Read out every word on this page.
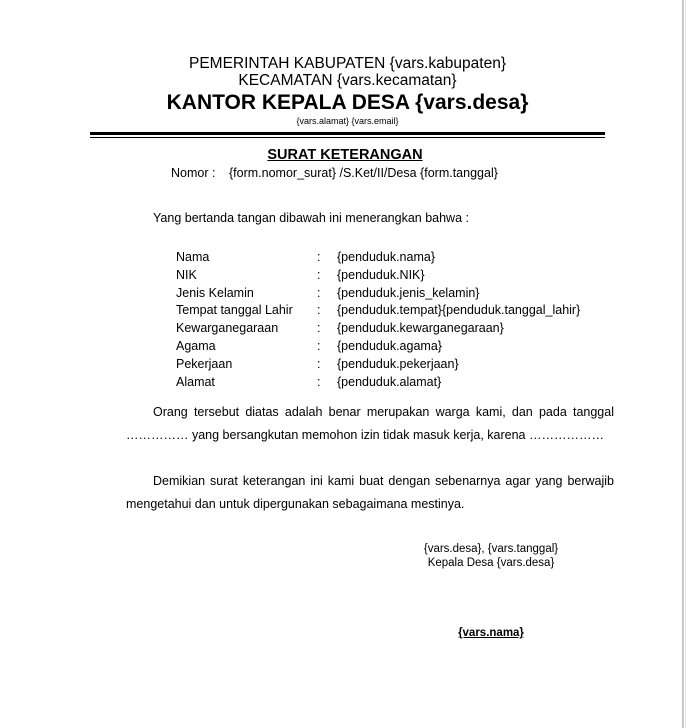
PEMERINTAH KABUPATEN {vars.kabupaten}
KECAMATAN {vars.kecamatan}
KANTOR KEPALA DESA {vars.desa}
{vars.alamat} {vars.email}
SURAT KETERANGAN
Nomor : {form.nomor_surat} /S.Ket/II/Desa {form.tanggal}
Yang bertanda tangan dibawah ini menerangkan bahwa :
Nama	: {penduduk.nama}
NIK	: {penduduk.NIK}
Jenis Kelamin	: {penduduk.jenis_kelamin}
Tempat tanggal Lahir : {penduduk.tempat}{penduduk.tanggal_lahir}
Kewarganegaraan	: {penduduk.kewarganegaraan}
Agama	: {penduduk.agama}
Pekerjaan	: {penduduk.pekerjaan}
Alamat	: {penduduk.alamat}
Orang tersebut diatas adalah benar merupakan warga kami, dan pada tanggal …………… yang bersangkutan memohon izin tidak masuk kerja, karena ………………
Demikian surat keterangan ini kami buat dengan sebenarnya agar yang berwajib mengetahui dan untuk dipergunakan sebagaimana mestinya.
{vars.desa}, {vars.tanggal}
Kepala Desa {vars.desa}
{vars.nama}
